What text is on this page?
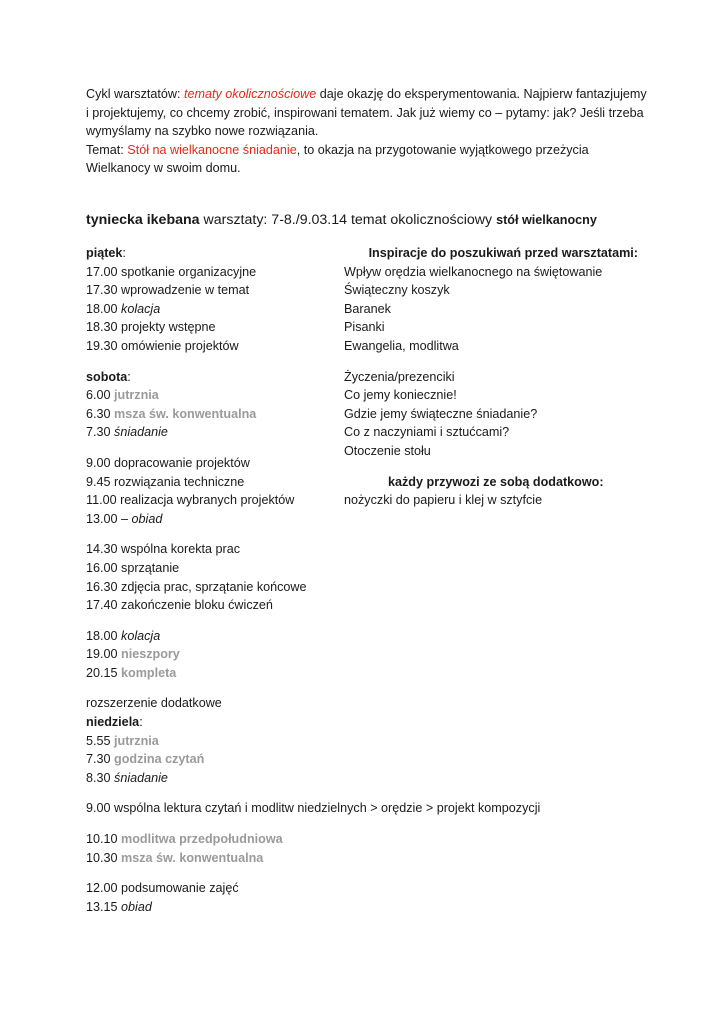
Cykl warsztatów: tematy okolicznościowe daje okazję do eksperymentowania. Najpierw fantazjujemy
i projektujemy, co chcemy zrobić, inspirowani tematem. Jak już wiemy co – pytamy: jak? Jeśli trzeba
wymyślamy na szybko nowe rozwiązania.
Temat: Stół na wielkanocne śniadanie, to okazja na przygotowanie wyjątkowego przeżycia
Wielkanocy w swoim domu.
tyniecka ikebana warsztaty: 7-8./9.03.14 temat okolicznościowy stół wielkanocny
piątek:
17.00 spotkanie organizacyjne
17.30 wprowadzenie w temat
18.00 kolacja
18.30 projekty wstępne
19.30 omówienie projektów
sobota:
6.00 jutrznia
6.30 msza św. konwentualna
7.30 śniadanie
9.00 dopracowanie projektów
9.45 rozwiązania techniczne
11.00 realizacja wybranych projektów
13.00 – obiad
14.30 wspólna korekta prac
16.00 sprzątanie
16.30 zdjęcia prac, sprzątanie końcowe
17.40 zakończenie bloku ćwiczeń
18.00 kolacja
19.00 nieszpory
20.15 kompleta
rozszerzenie dodatkowe
niedziela:
5.55 jutrznia
7.30 godzina czytań
8.30 śniadanie
9.00 wspólna lektura czytań i modlitw niedzielnych > orędzie > projekt kompozycji
10.10 modlitwa przedpołudniowa
10.30 msza św. konwentualna
12.00 podsumowanie zajęć
13.15 obiad
Inspiracje do poszukiwań przed warsztatami:
Wpływ orędzia wielkanocnego na świętowanie
Świąteczny koszyk
Baranek
Pisanki
Ewangelia, modlitwa
Życzenia/prezenciki
Co jemy koniecznie!
Gdzie jemy świąteczne śniadanie?
Co z naczyniami i sztućcami?
Otoczenie stołu
każdy przywozi ze sobą dodatkowo:
nożyczki do papieru i klej w sztyfcie
